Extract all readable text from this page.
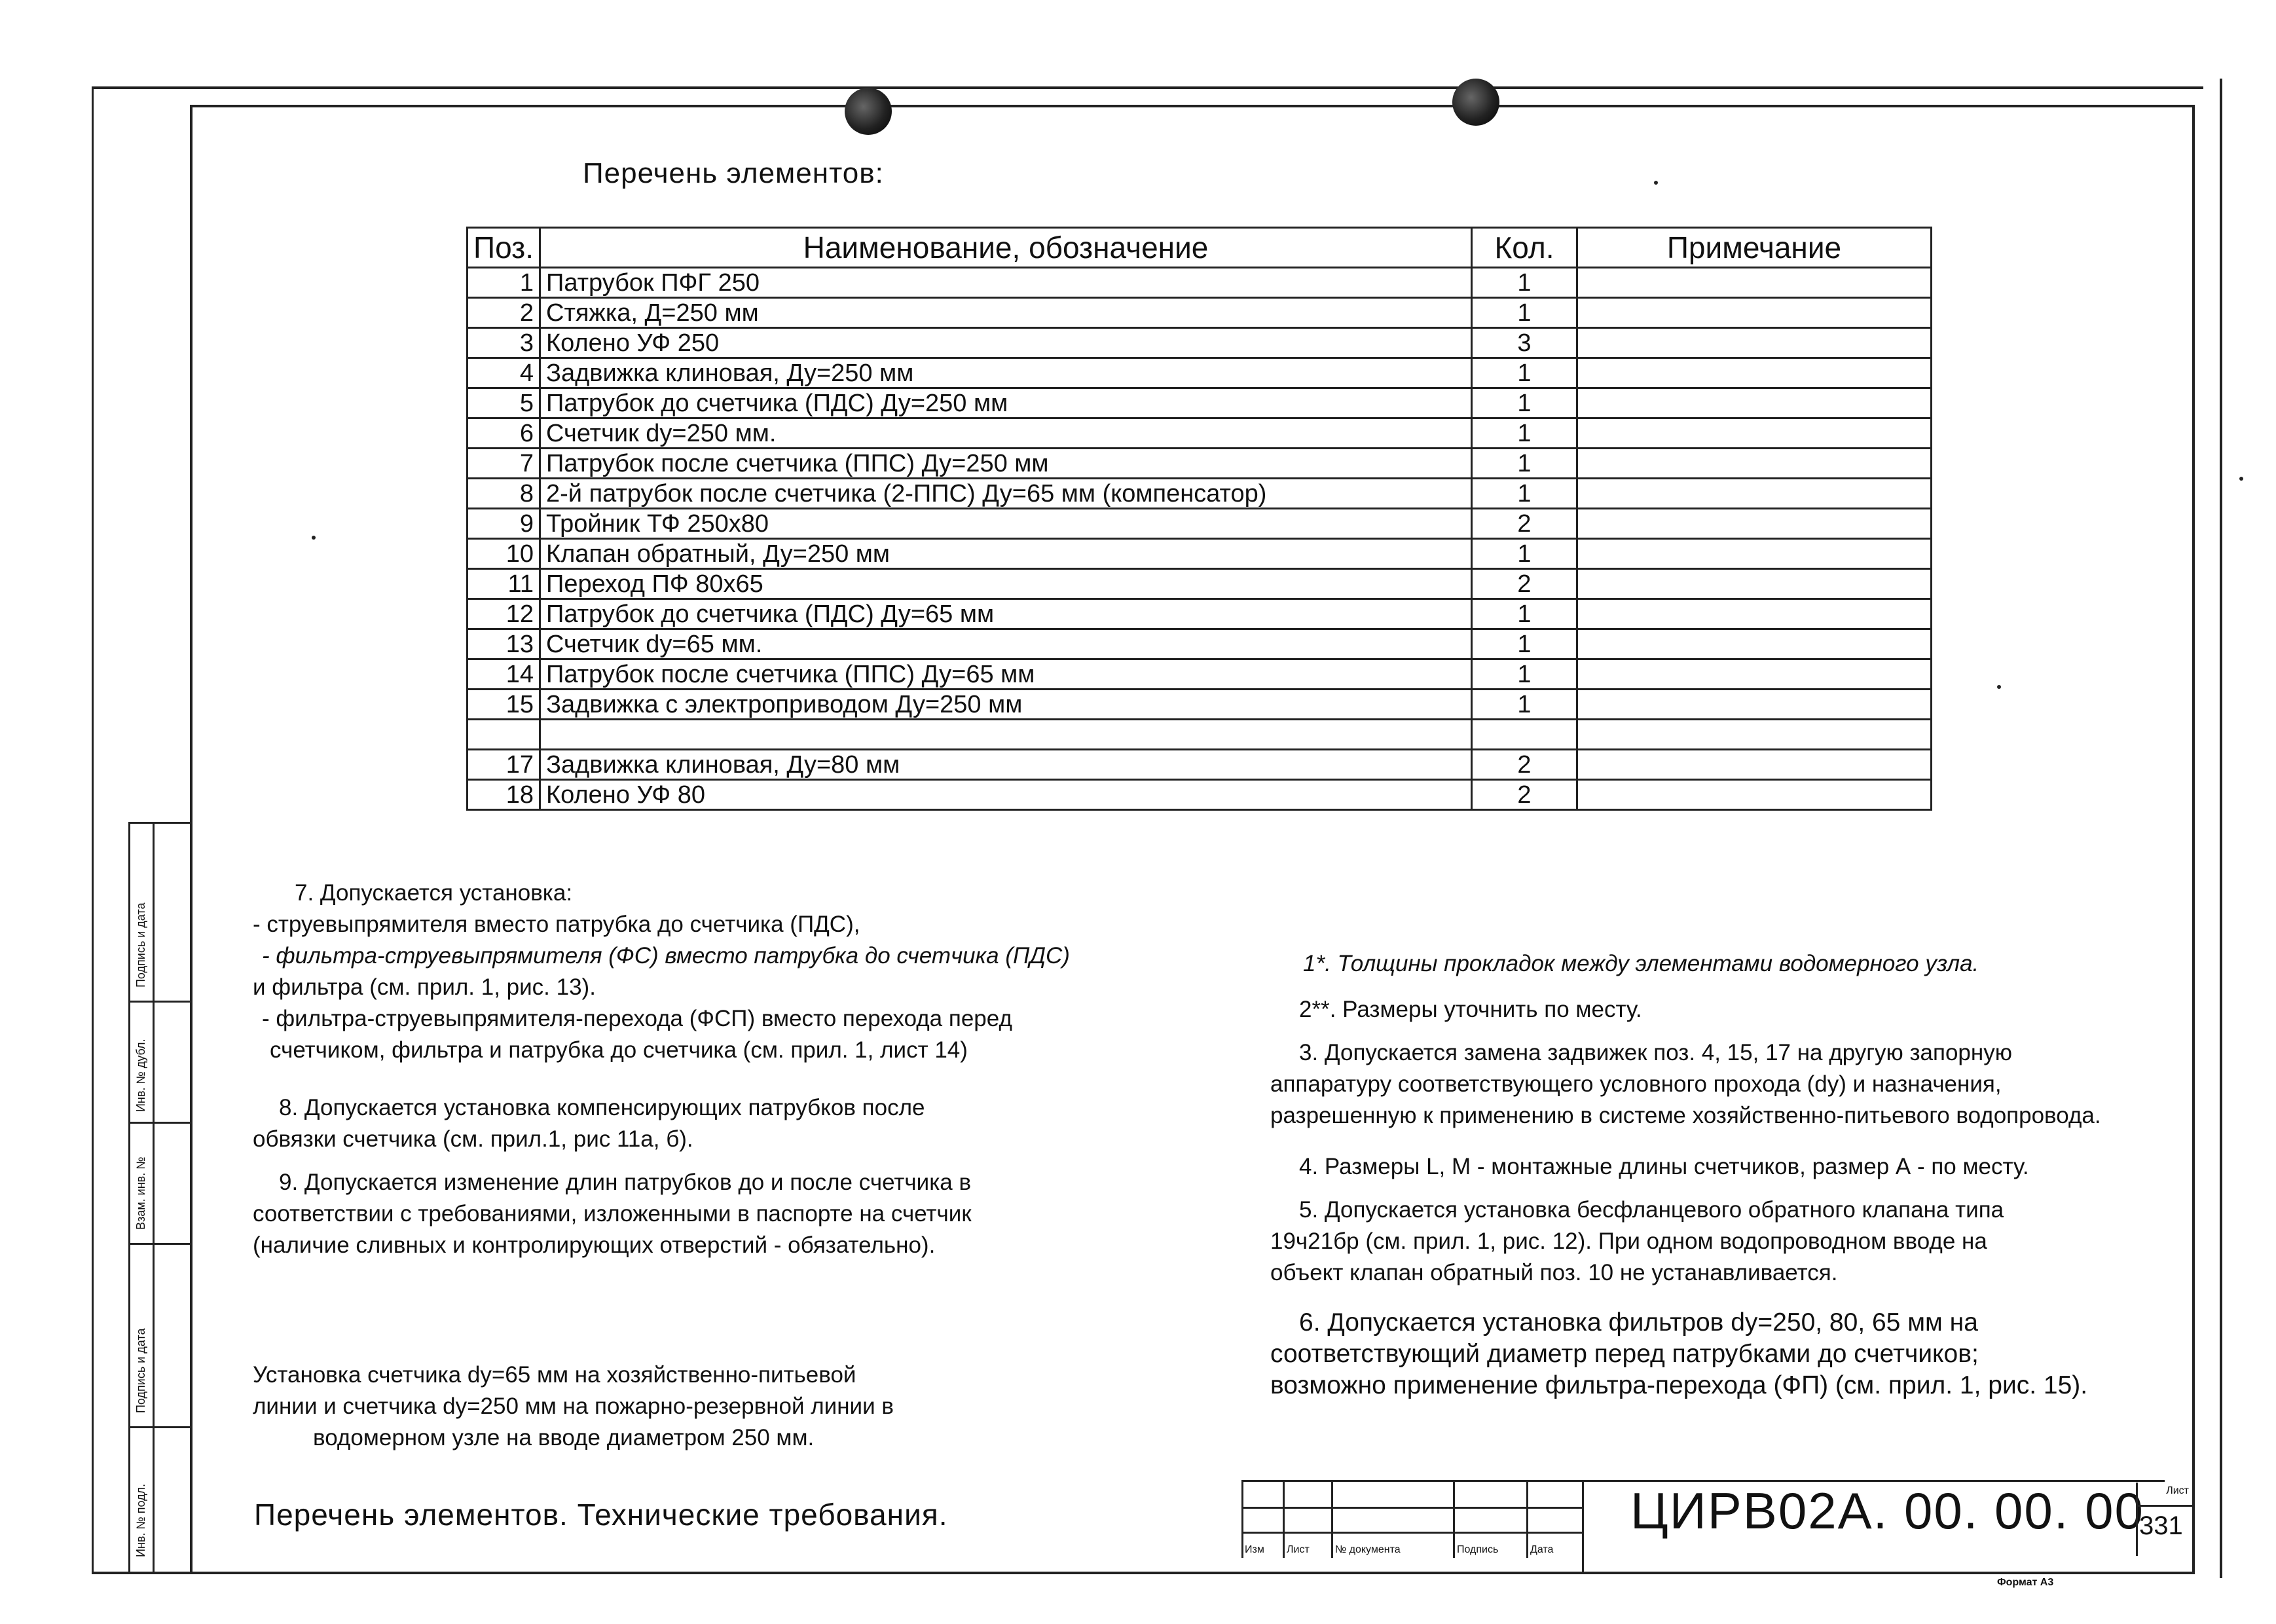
Перечень элементов:
Поз.	Наименование, обозначение	Кол.	Примечание
1	Патрубок ПФГ 250	1	
2	Стяжка, Д=250 мм	1	
3	Колено УФ 250	3	
4	Задвижка клиновая, Ду=250 мм	1	
5	Патрубок до счетчика (ПДС) Ду=250 мм	1	
6	Счетчик dy=250 мм.	1	
7	Патрубок после счетчика (ППС) Ду=250 мм	1	
8	2-й патрубок после счетчика (2-ППС) Ду=65 мм (компенсатор)	1	
9	Тройник ТФ 250х80	2	
10	Клапан обратный, Ду=250 мм	1	
11	Переход ПФ 80х65	2	
12	Патрубок до счетчика (ПДС) Ду=65 мм	1	
13	Счетчик dy=65 мм.	1	
14	Патрубок после счетчика (ППС) Ду=65 мм	1	
15	Задвижка с электроприводом Ду=250 мм	1	

17	Задвижка клиновая, Ду=80 мм	2	
18	Колено УФ 80	2	
7. Допускается установка:
- струевыпрямителя вместо патрубка до счетчика (ПДС),
- фильтра-струевыпрямителя (ФС) вместо патрубка до счетчика (ПДС)
и фильтра (см. прил. 1, рис. 13).
- фильтра-струевыпрямителя-перехода (ФСП) вместо перехода перед
счетчиком, фильтра и патрубка до счетчика (см. прил. 1, лист 14)
8. Допускается установка компенсирующих патрубков после
обвязки счетчика (см. прил.1, рис 11а, б).
9. Допускается изменение длин патрубков до и после счетчика в
соответствии с требованиями, изложенными в паспорте на счетчик
(наличие сливных и контролирующих отверстий - обязательно).
Установка счетчика dy=65 мм на хозяйственно-питьевой
линии и счетчика dy=250 мм на пожарно-резервной линии в
водомерном узле на вводе диаметром 250 мм.
1*. Толщины прокладок между элементами водомерного узла.
2**. Размеры уточнить по месту.
3. Допускается замена задвижек поз. 4, 15, 17 на другую запорную
аппаратуру соответствующего условного прохода (dy) и назначения,
разрешенную к применению в системе хозяйственно-питьевого водопровода.
4. Размеры L, M - монтажные длины счетчиков, размер А - по месту.
5. Допускается установка бесфланцевого обратного клапана типа
19ч21бр (см. прил. 1, рис. 12). При одном водопроводном вводе на
объект клапан обратный поз. 10 не устанавливается.
6. Допускается установка фильтров dy=250, 80, 65 мм на
соответствующий диаметр перед патрубками до счетчиков;
возможно применение фильтра-перехода (ФП) (см. прил. 1, рис. 15).
Перечень элементов. Технические требования.
Изм Лист № документа	Подпись	Дата
ЦИРВ02А. 00. 00. 00	Лист
331
Формат А3
Инв. № подл.
Подпись и дата
Взам. инв. №
Инв. № дубл.
Подпись и дата
